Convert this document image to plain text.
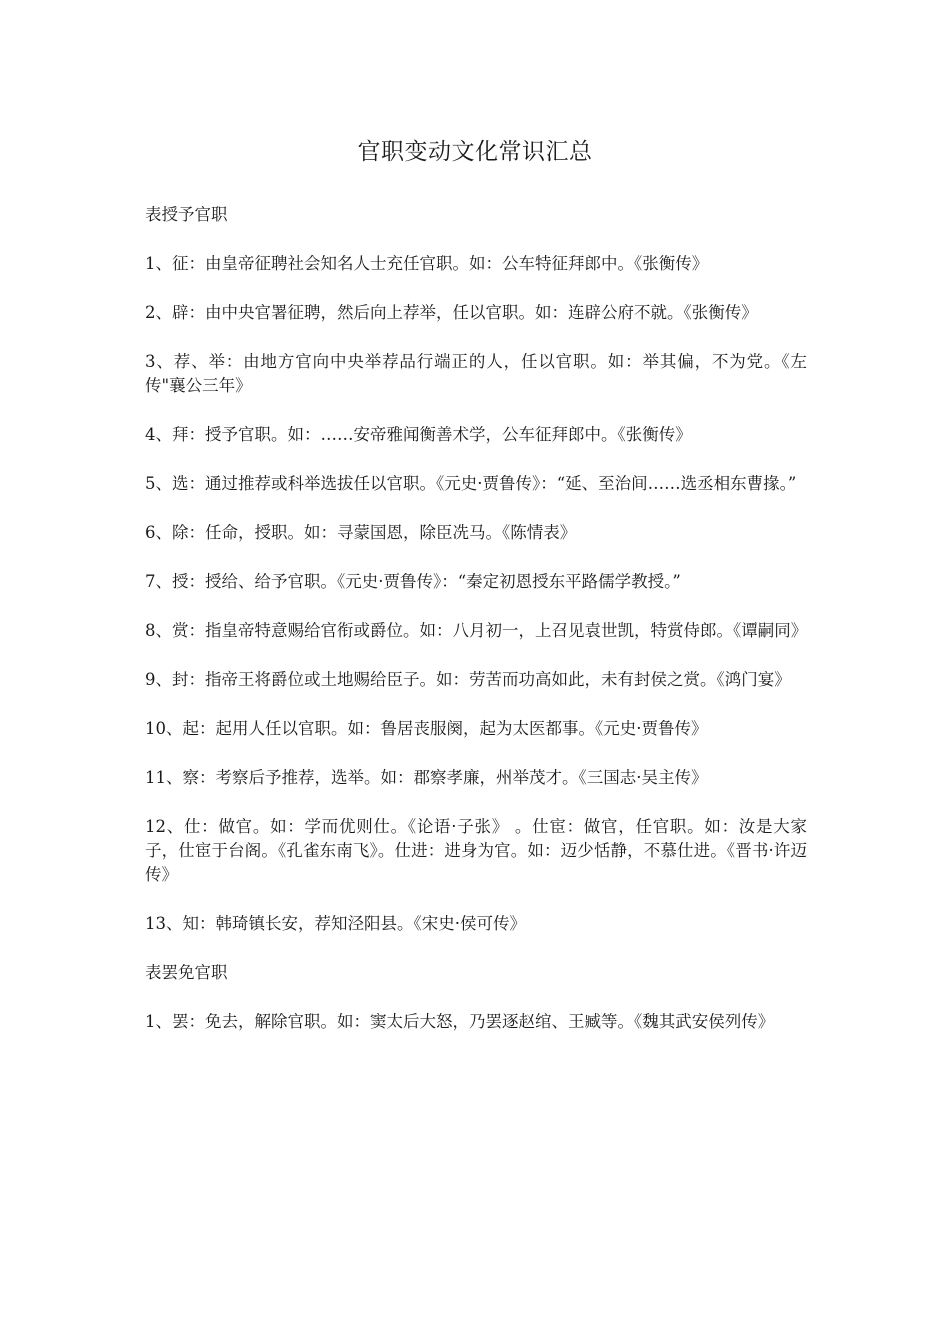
官职变动文化常识汇总
表授予官职
1、征：由皇帝征聘社会知名人士充任官职。如：公车特征拜郎中。《张衡传》
2、辟：由中央官署征聘，然后向上荐举，任以官职。如：连辟公府不就。《张衡传》
3、荐、举：由地方官向中央举荐品行端正的人，任以官职。如：举其偏，不为党。《左传"襄公三年》
4、拜：授予官职。如：……安帝雅闻衡善术学，公车征拜郎中。《张衡传》
5、选：通过推荐或科举选拔任以官职。《元史·贾鲁传》：“延、至治间……选丞相东曹掾。”
6、除：任命，授职。如：寻蒙国恩，除臣冼马。《陈情表》
7、授：授给、给予官职。《元史·贾鲁传》：“秦定初恩授东平路儒学教授。”
8、赏：指皇帝特意赐给官衔或爵位。如：八月初一，上召见袁世凯，特赏侍郎。《谭嗣同》
9、封：指帝王将爵位或土地赐给臣子。如：劳苦而功高如此，未有封侯之赏。《鸿门宴》
10、起：起用人任以官职。如：鲁居丧服阕，起为太医都事。《元史·贾鲁传》
11、察：考察后予推荐，选举。如：郡察孝廉，州举茂才。《三国志·吴主传》
12、仕：做官。如：学而优则仕。《论语·子张》 。仕宦：做官，任官职。如：汝是大家子，仕宦于台阁。《孔雀东南飞》。仕进：进身为官。如：迈少恬静，不慕仕进。《晋书·许迈传》
13、知：韩琦镇长安，荐知泾阳县。《宋史·侯可传》
表罢免官职
1、罢：免去，解除官职。如：窦太后大怒，乃罢逐赵绾、王臧等。《魏其武安侯列传》
